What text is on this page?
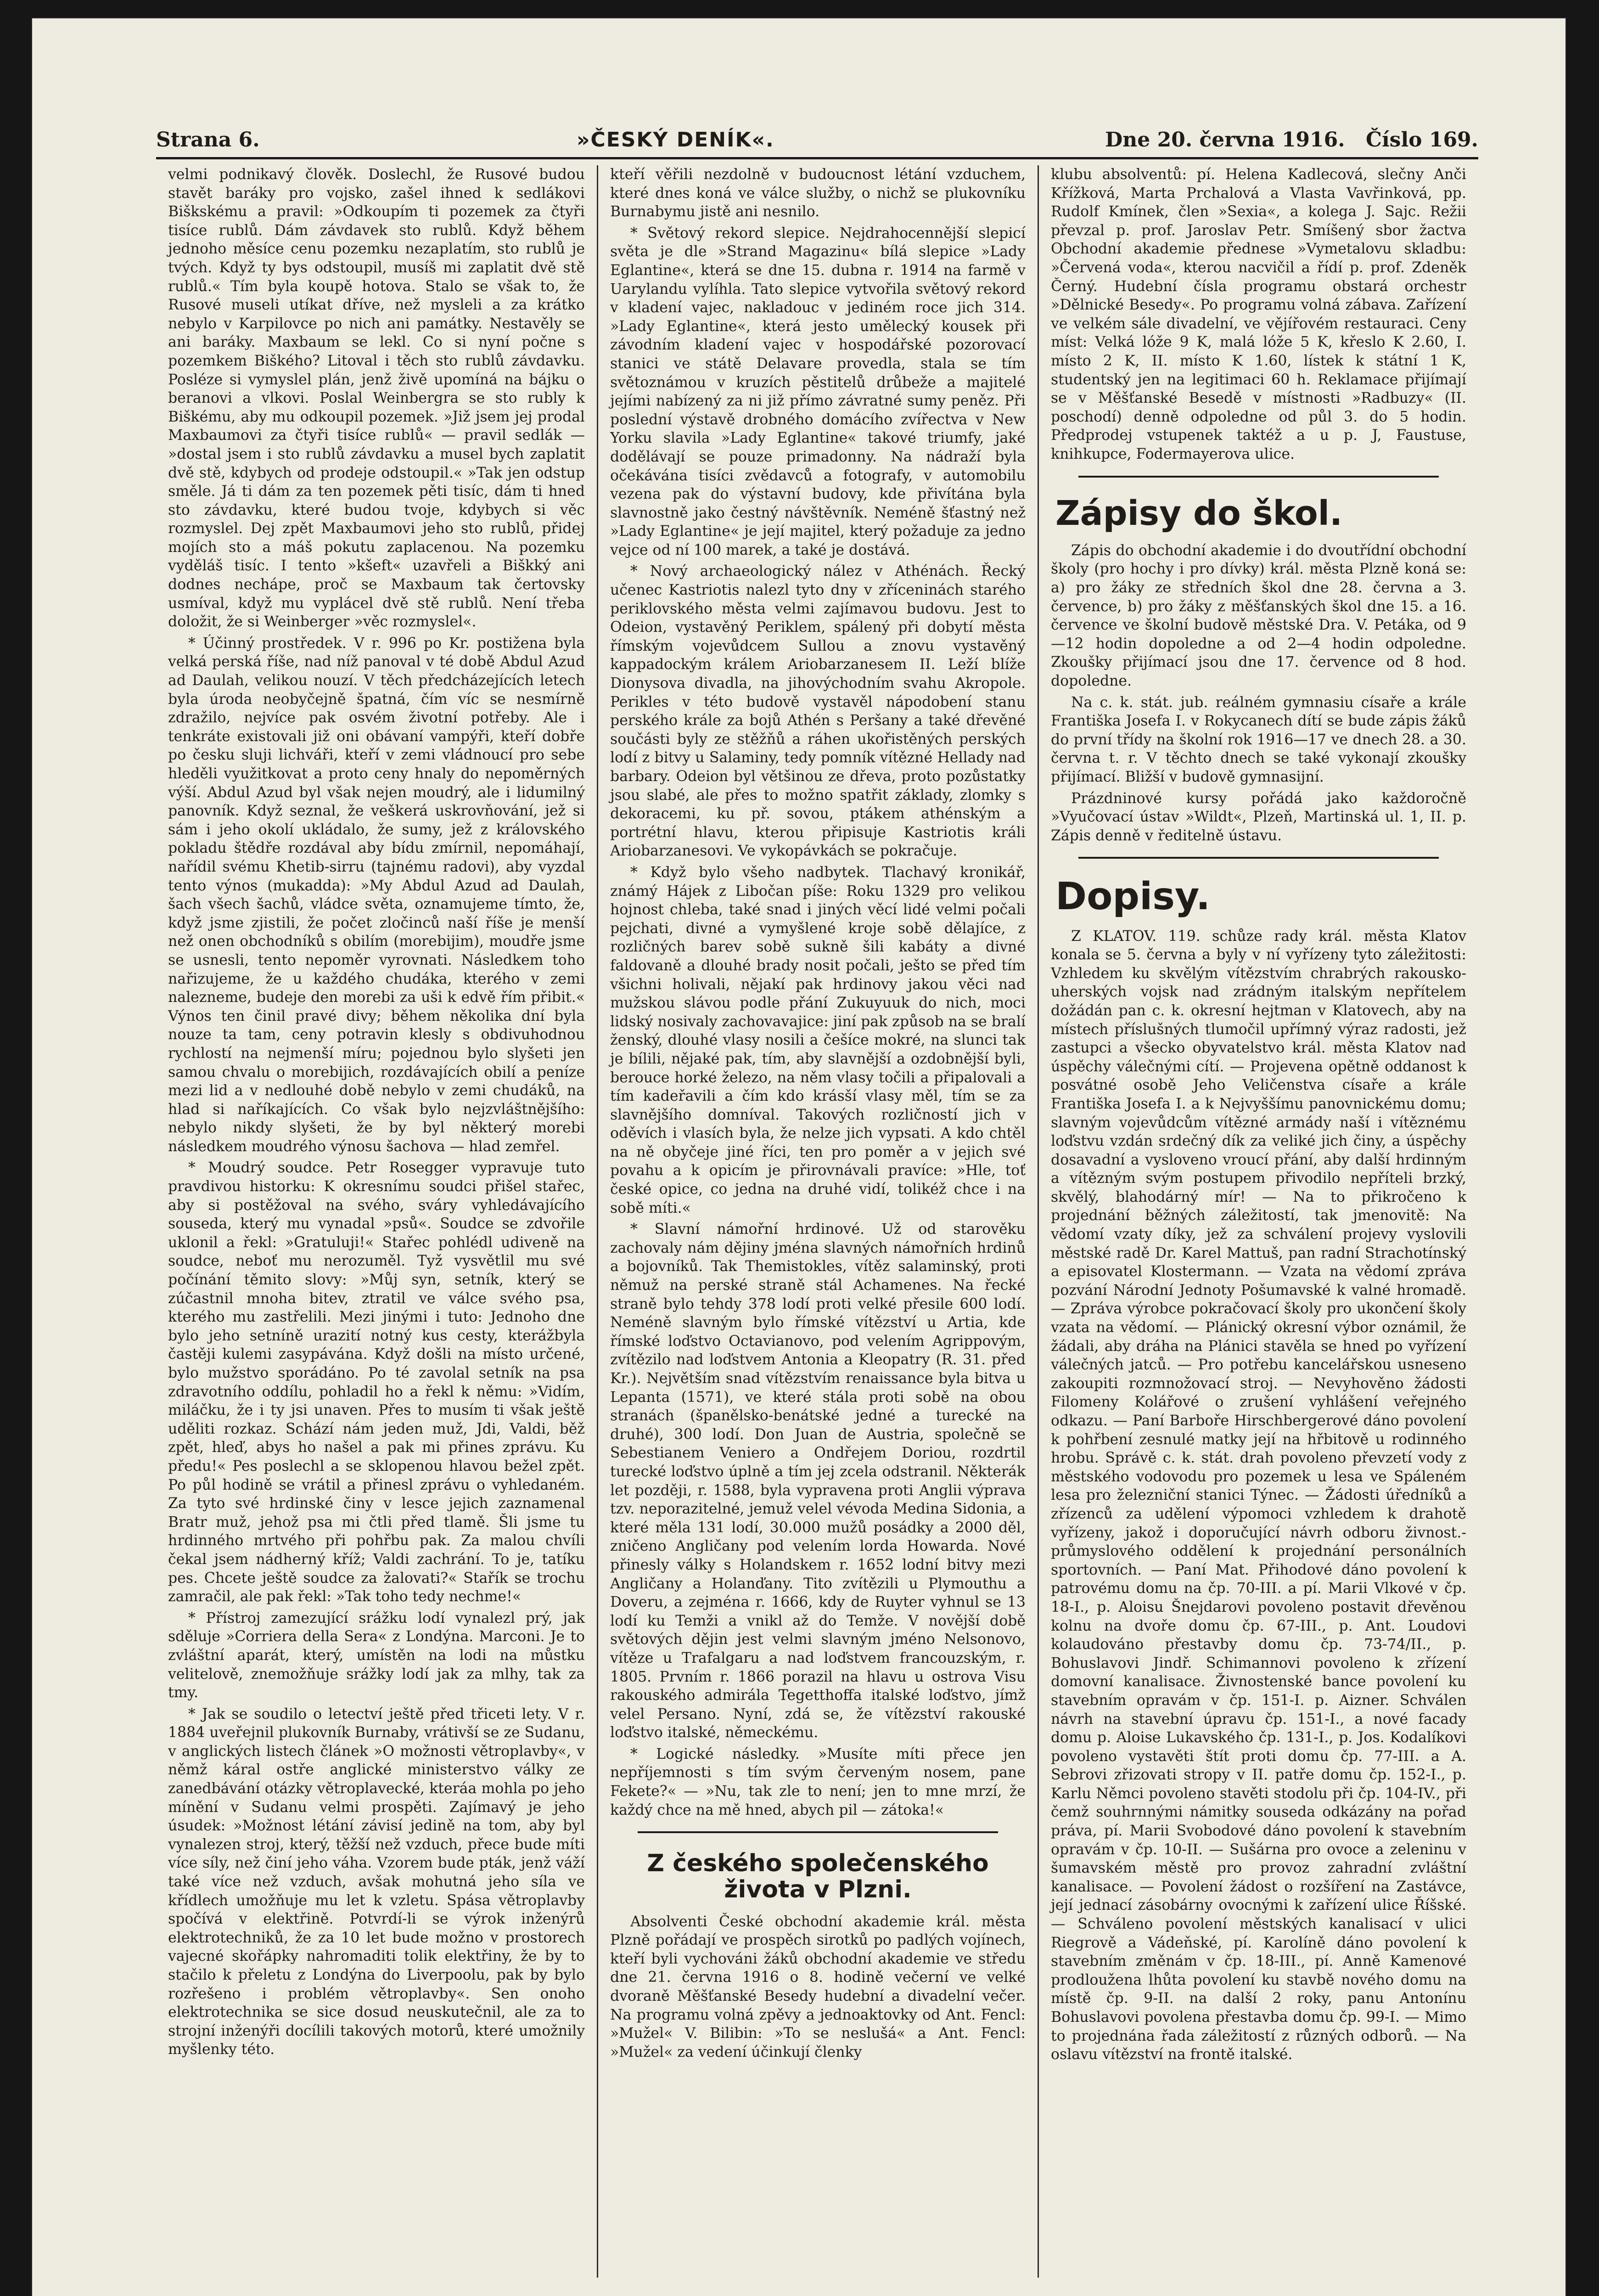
Strana 6.	»ČESKÝ DENÍK«.	Dne 20. června 1916. Číslo 169.

velmi podnikavý člověk. Doslechl, že Rusové budou stavět baráky pro vojsko, zašel ihned k sedlákovi Biškskému a pravil: »Odkoupím ti pozemek za čtyři tisíce rublů. Dám závdavek sto rublů. Když během jednoho měsíce cenu pozemku nezaplatím, sto rublů je tvých. Když ty bys odstoupil, musíš mi zaplatit dvě stě rublů.« Tím byla koupě hotova. Stalo se však to, že Rusové museli utíkat dříve, než mysleli a za krátko nebylo v Karpilovce po nich ani památky. Nestavěly se ani baráky. Maxbaum se lekl. Co si nyní počne s pozemkem Biškého? Litoval i těch sto rublů závdavku. Posléze si vymyslel plán, jenž živě upomíná na bájku o beranovi a vlkovi. Poslal Weinbergra se sto rubly k Biškému, aby mu odkoupil pozemek. »Již jsem jej prodal Maxbaumovi za čtyři tisíce rublů« — pravil sedlák — »dostal jsem i sto rublů závdavku a musel bych zaplatit dvě stě, kdybych od prodeje odstoupil.« »Tak jen odstup směle. Já ti dám za ten pozemek pěti tisíc, dám ti hned sto závdavku, které budou tvoje, kdybych si věc rozmyslel. Dej zpět Maxbaumovi jeho sto rublů, přidej mojích sto a máš pokutu zaplacenou. Na pozemku vyděláš tisíc. I tento »kšeft« uzavřeli a Biškký ani dodnes nechápe, proč se Maxbaum tak čertovsky usmíval, když mu vyplácel dvě stě rublů. Není třeba doložit, že si Weinberger »věc rozmyslel«.

* Účinný prostředek. V r. 996 po Kr. postižena byla velká perská říše, nad níž panoval v té době Abdul Azud ad Daulah, velikou nouzí. V těch předcházejících letech byla úroda neobyčejně špatná, čím víc se nesmírně zdražilo, nejvíce pak osvém životní potřeby. Ale i tenkráte existovali již oni obávaní vampýři, kteří dobře po česku sluji lichváři, kteří v zemi vládnoucí pro sebe hleděli využitkovat a proto ceny hnaly do nepoměrných výší. Abdul Azud byl však nejen moudrý, ale i lidumilný panovník. Když seznal, že veškerá uskrovňování, jež si sám i jeho okolí ukládalo, že sumy, jež z královského pokladu štědře rozdával aby bídu zmírnil, nepomáhají, nařídil svému Khetib-sirru (tajnému radovi), aby vyzdal tento výnos (mukadda): »My Abdul Azud ad Daulah, šach všech šachů, vládce světa, oznamujeme tímto, že, když jsme zjistili, že počet zločinců naší říše je menší než onen obchodníků s obilím (morebijim), moudře jsme se usnesli, tento nepoměr vyrovnati. Následkem toho nařizujeme, že u každého chudáka, kterého v zemi nalezneme, budeje den morebi za uši k edvě řím přibit.« Výnos ten činil pravé divy; během několika dní byla nouze ta tam, ceny potravin klesly s obdivuhodnou rychlostí na nejmenší míru; pojednou bylo slyšeti jen samou chvalu o morebijich, rozdávajících obilí a peníze mezi lid a v nedlouhé době nebylo v zemi chudáků, na hlad si naříkajících. Co však bylo nejzvláštnějšího: nebylo nikdy slyšeti, že by byl některý morebi následkem moudrého výnosu šachova — hlad zemřel.

* Moudrý soudce. Petr Rosegger vypravuje tuto pravdivou historku: K okresnímu soudci přišel stařec, aby si postěžoval na svého, sváry vyhledávajícího souseda, který mu vynadal »psů«. Soudce se zdvořile uklonil a řekl: »Gratuluji!« Stařec pohlédl udiveně na soudce, neboť mu nerozuměl. Tyž vysvětlil mu své počínání těmito slovy: »Můj syn, setník, který se zúčastnil mnoha bitev, ztratil ve válce svého psa, kterého mu zastřelili. Mezi jinými i tuto: Jednoho dne bylo jeho setníně urazití notný kus cesty, kterážbyla častěji kulemi zasypávána. Když došli na místo určené, bylo mužstvo sporádáno. Po té zavolal setník na psa zdravotního oddílu, pohladil ho a řekl k němu: »Vidím, miláčku, že i ty jsi unaven. Přes to musím ti však ještě uděliti rozkaz. Schází nám jeden muž, Jdi, Valdi, běž zpět, hleď, abys ho našel a pak mi přines zprávu. Ku předu!« Pes poslechl a se sklopenou hlavou bežel zpět. Po půl hodině se vrátil a přinesl zprávu o vyhledaném. Za tyto své hrdinské činy v lesce jejich zaznamenal Bratr muž, jehož psa mi čtli před tlamě. Šli jsme tu hrdinného mrtvého při pohřbu pak. Za malou chvíli čekal jsem nádherný kříž; Valdi zachrání. To je, tatíku pes. Chcete ještě soudce za žalovati?« Stařík se trochu zamračil, ale pak řekl: »Tak toho tedy nechme!«

* Přístroj zamezující srážku lodí vynalezl prý, jak sděluje »Corriera della Sera« z Londýna. Marconi. Je to zvláštní aparát, který, umístěn na lodi na můstku velitelově, znemožňuje srážky lodí jak za mlhy, tak za tmy.

* Jak se soudilo o letectví ještě před třiceti lety. V r. 1884 uveřejnil plukovník Burnaby, vrátivší se ze Sudanu, v anglických listech článek »O možnosti větroplavby«, v němž káral ostře anglické ministerstvo války ze zanedbávání otázky větroplavecké, kteráa mohla po jeho mínění v Sudanu velmi prospěti. Zajímavý je jeho úsudek: »Možnost létání závisí jedině na tom, aby byl vynalezen stroj, který, těžší než vzduch, přece bude míti více síly, než činí jeho váha. Vzorem bude pták, jenž váží také více než vzduch, avšak mohutná jeho síla ve křídlech umožňuje mu let k vzletu. Spása větroplavby spočívá v elektřině. Potvrdí-li se výrok inženýrů elektrotechniků, že za 10 let bude možno v prostorech vajecné skořápky nahromaditi tolik elektřiny, že by to stačilo k přeletu z Londýna do Liverpoolu, pak by bylo rozřešeno i problém větroplavby«. Sen onoho elektrotechnika se sice dosud neuskutečnil, ale za to strojní inženýři docílili takových motorů, které umožnily myšlenky této.

kteří věřili nezdolně v budoucnost létání vzduchem, které dnes koná ve válce služby, o nichž se plukovníku Burnabymu jistě ani nesnilo.

* Světový rekord slepice. Nejdrahocennější slepicí světa je dle »Strand Magazinu« bílá slepice »Lady Eglantine«, která se dne 15. dubna r. 1914 na farmě v Uarylandu vylíhla. Tato slepice vytvořila světový rekord v kladení vajec, nakladouc v jediném roce jich 314. »Lady Eglantine«, která jesto umělecký kousek při závodním kladení vajec v hospodářské pozorovací stanici ve státě Delavare provedla, stala se tím světoznámou v kruzích pěstitelů drůbeže a majitelé jejími nabízený za ni již přímo závratné sumy peněz. Při poslední výstavě drobného domácího zvířectva v New Yorku slavila »Lady Eglantine« takové triumfy, jaké dodělávají se pouze primadonny. Na nádraží byla očekávána tisíci zvědavců a fotografy, v automobilu vezena pak do výstavní budovy, kde přivítána byla slavnostně jako čestný návštěvník. Neméně šťastný než »Lady Eglantine« je její majitel, který požaduje za jedno vejce od ní 100 marek, a také je dostává.

* Nový archaeologický nález v Athénách. Řecký učenec Kastriotis nalezl tyto dny v zříceninách starého periklovského města velmi zajímavou budovu. Jest to Odeion, vystavěný Periklem, spálený při dobytí města římským vojevůdcem Sullou a znovu vystavěný kappadockým králem Ariobarzanesem II. Leží blíže Dionysova divadla, na jihovýchodním svahu Akropole. Perikles v této budově vystavěl nápodobení stanu perského krále za bojů Athén s Peršany a také dřevěné součásti byly ze stěžňů a ráhen ukořistěných perských lodí z bitvy u Salaminy, tedy pomník vítězné Hellady nad barbary. Odeion byl většinou ze dřeva, proto pozůstatky jsou slabé, ale přes to možno spatřit základy, zlomky s dekoracemi, ku př. sovou, ptákem athénským a portrétní hlavu, kterou připisuje Kastriotis králi Ariobarzanesovi. Ve vykopávkách se pokračuje.

* Když bylo všeho nadbytek. Tlachavý kronikář, známý Hájek z Libočan píše: Roku 1329 pro velikou hojnost chleba, také snad i jiných věcí lidé velmi počali pejchati, divné a vymyšlené kroje sobě dělajíce, z rozličných barev sobě sukně šili kabáty a divné faldovaně a dlouhé brady nosit počali, ješto se před tím všichni holivali, nějakí pak hrdinovy jakou věci nad mužskou slávou podle přání Zukuyuuk do nich, moci lidský nosivaly zachovavajice: jiní pak způsob na se bralí ženský, dlouhé vlasy nosili a češíce mokré, na slunci tak je bílili, nějaké pak, tím, aby slavnější a ozdobnější byli, berouce horké železo, na něm vlasy točili a připalovali a tím kadeřavili a čím kdo krásší vlasy měl, tím se za slavnějšího domníval. Takových rozličností jich v oděvích i vlasích byla, že nelze jich vypsati. A kdo chtěl na ně obyčeje jiné říci, ten pro poměr a v jejich své povahu a k opicím je přirovnávali pravíce: »Hle, toť české opice, co jedna na druhé vidí, tolikéž chce i na sobě míti.«

* Slavní námořní hrdinové. Už od starověku zachovaly nám dějiny jména slavných námořních hrdinů a bojovníků. Tak Themistokles, vítěz salaminský, proti němuž na perské straně stál Achamenes. Na řecké straně bylo tehdy 378 lodí proti velké přesile 600 lodí. Neméně slavným bylo římské vítězství u Artia, kde římské loďstvo Octavianovo, pod velením Agrippovým, zvítězilo nad loďstvem Antonia a Kleopatry (R. 31. před Kr.). Největším snad vítězstvím renaissance byla bitva u Lepanta (1571), ve které stála proti sobě na obou stranách (španělsko-benátské jedné a turecké na druhé), 300 lodí. Don Juan de Austria, společně se Sebestianem Veniero a Ondřejem Doriou, rozdrtil turecké loďstvo úplně a tím jej zcela odstranil. Některák let později, r. 1588, byla vypravena proti Anglii výprava tzv. neporazitelné, jemuž velel vévoda Medina Sidonia, a které měla 131 lodí, 30.000 mužů posádky a 2000 děl, zničeno Angličany pod velením lorda Howarda. Nové přinesly války s Holandskem r. 1652 lodní bitvy mezi Angličany a Holanďany. Tito zvítězili u Plymouthu a Doveru, a zejména r. 1666, kdy de Ruyter vyhnul se 13 lodí ku Temži a vnikl až do Temže. V novější době světových dějin jest velmi slavným jméno Nelsonovo, vítěze u Trafalgaru a nad loďstvem francouzským, r. 1805. Prvním r. 1866 porazil na hlavu u ostrova Visu rakouského admirála Tegetthoffa italské loďstvo, jímž velel Persano. Nyní, zdá se, že vítězství rakouské loďstvo italské, německému.

* Logické následky. »Musíte míti přece jen nepříjemnosti s tím svým červeným nosem, pane Fekete?« — »Nu, tak zle to není; jen to mne mrzí, že každý chce na mě hned, abych pil — zátoka!«

Z českého společenského života v Plzni.

Absolventi České obchodní akademie král. města Plzně pořádají ve prospěch sirotků po padlých vojínech, kteří byli vychováni žáků obchodní akademie ve středu dne 21. června 1916 o 8. hodině večerní ve velké dvoraně Měšťanské Besedy hudební a divadelní večer. Na programu volná zpěvy a jednoaktovky od Ant. Fencl: »Mužel« V. Bilibin: »To se neslušá« a Ant. Fencl: »Mužel« za vedení účinkují členky

klubu absolventů: pí. Helena Kadlecová, slečny Anči Křížková, Marta Prchalová a Vlasta Vavřinková, pp. Rudolf Kmínek, člen »Sexia«, a kolega J. Sajc. Režii převzal p. prof. Jaroslav Petr. Smíšený sbor žactva Obchodní akademie přednese »Vymetalovu skladbu: »Červená voda«, kterou nacvičil a řídí p. prof. Zdeněk Černý. Hudební čísla programu obstará orchestr »Dělnické Besedy«. Po programu volná zábava. Zařízení ve velkém sále divadelní, ve vějířovém restauraci. Ceny míst: Velká lóže 9 K, malá lóže 5 K, křeslo K 2.60, I. místo 2 K, II. místo K 1.60, lístek k státní 1 K, studentský jen na legitimaci 60 h. Reklamace přijímají se v Měšťanské Besedě v místnosti »Radbuzy« (II. poschodí) denně odpoledne od půl 3. do 5 hodin. Předprodej vstupenek taktéž a u p. J, Faustuse, knihkupce, Fodermayerova ulice.

Zápisy do škol.

Zápis do obchodní akademie i do dvoutřídní obchodní školy (pro hochy i pro dívky) král. města Plzně koná se: a) pro žáky ze středních škol dne 28. června a 3. července, b) pro žáky z měšťanských škol dne 15. a 16. července ve školní budově městské Dra. V. Petáka, od 9—12 hodin dopoledne a od 2—4 hodin odpoledne. Zkoušky přijímací jsou dne 17. července od 8 hod. dopoledne.

Na c. k. stát. jub. reálném gymnasiu císaře a krále Františka Josefa I. v Rokycanech dítí se bude zápis žáků do první třídy na školní rok 1916—17 ve dnech 28. a 30. června t. r. V těchto dnech se také vykonají zkoušky přijímací. Bližší v budově gymnasijní.

Prázdninové kursy pořádá jako každoročně »Vyučovací ústav »Wildt«, Plzeň, Martinská ul. 1, II. p. Zápis denně v ředitelně ústavu.

Dopisy.

Z KLATOV. 119. schůze rady král. města Klatov konala se 5. června a byly v ní vyřízeny tyto záležitosti: Vzhledem ku skvělým vítězstvím chrabrých rakousko-uherských vojsk nad zrádným italským nepřítelem dožádán pan c. k. okresní hejtman v Klatovech, aby na místech příslušných tlumočil upřímný výraz radosti, jež zastupci a všecko obyvatelstvo král. města Klatov nad úspěchy válečnými cítí. — Projevena opětně oddanost k posvátné osobě Jeho Veličenstva císaře a krále Františka Josefa I. a k Nejvyššímu panovnickému domu; slavným vojevůdcům vítězné armády naší i vítěznému loďstvu vzdán srdečný dík za veliké jich činy, a úspěchy dosavadní a vysloveno vroucí přání, aby další hrdinným a vítězným svým postupem přivodilo nepříteli brzký, skvělý, blahodárný mír! — Na to přikročeno k projednání běžných záležitostí, tak jmenovitě: Na vědomí vzaty díky, jež za schválení projevy vyslovili městské radě Dr. Karel Mattuš, pan radní Strachotínský a episovatel Klostermann. — Vzata na vědomí zpráva pozvání Národní Jednoty Pošumavské k valné hromadě. — Zpráva výrobce pokračovací školy pro ukončení školy vzata na vědomí. — Plánický okresní výbor oznámil, že žádali, aby dráha na Plánici stavěla se hned po vyřízení válečných jatců. — Pro potřebu kancelářskou usneseno zakoupiti rozmnožovací stroj. — Nevyhověno žádosti Filomeny Kolářové o zrušení vyhlášení veřejného odkazu. — Paní Barboře Hirschbergerové dáno povolení k pohřbení zesnulé matky její na hřbitově u rodinného hrobu. Správě c. k. stát. drah povoleno převzetí vody z městského vodovodu pro pozemek u lesa ve Spáleném lesa pro železniční stanici Týnec. — Žádosti úředníků a zřízenců za udělení výpomoci vzhledem k drahotě vyřízeny, jakož i doporučující návrh odboru živnost.-průmyslového oddělení k projednání personálních sportovních. — Paní Mat. Přihodové dáno povolení k patrovému domu na čp. 70-III. a pí. Marii Vlkové v čp. 18-I., p. Aloisu Šnejdarovi povoleno postavit dřevěnou kolnu na dvoře domu čp. 67-III., p. Ant. Loudovi kolaudováno přestavby domu čp. 73-74/II., p. Bohuslavovi Jindř. Schimannovi povoleno k zřízení domovní kanalisace. Živnostenské bance povolení ku stavebním opravám v čp. 151-I. p. Aizner. Schválen návrh na stavební úpravu čp. 151-I., a nové facady domu p. Aloise Lukavského čp. 131-I., p. Jos. Kodalíkovi povoleno vystavěti štít proti domu čp. 77-III. a A. Sebrovi zřizovati stropy v II. patře domu čp. 152-I., p. Karlu Němci povoleno stavěti stodolu při čp. 104-IV., při čemž souhrnnými námitky souseda odkázány na pořad práva, pí. Marii Svobodové dáno povolení k stavebním opravám v čp. 10-II. — Sušárna pro ovoce a zeleninu v šumavském městě pro provoz zahradní zvláštní kanalisace. — Povolení žádost o rozšíření na Zastávce, její jednací zásobárny ovocnými k zařízení ulice Říšské. — Schváleno povolení městských kanalisací v ulici Riegrově a Vádeňské, pí. Karolíně dáno povolení k stavebním změnám v čp. 18-III., pí. Anně Kamenové prodloužena lhůta povolení ku stavbě nového domu na místě čp. 9-II. na další 2 roky, panu Antonínu Bohuslavovi povolena přestavba domu čp. 99-I. — Mimo to projednána řada záležitostí z různých odborů. — Na oslavu vítězství na frontě italské.
